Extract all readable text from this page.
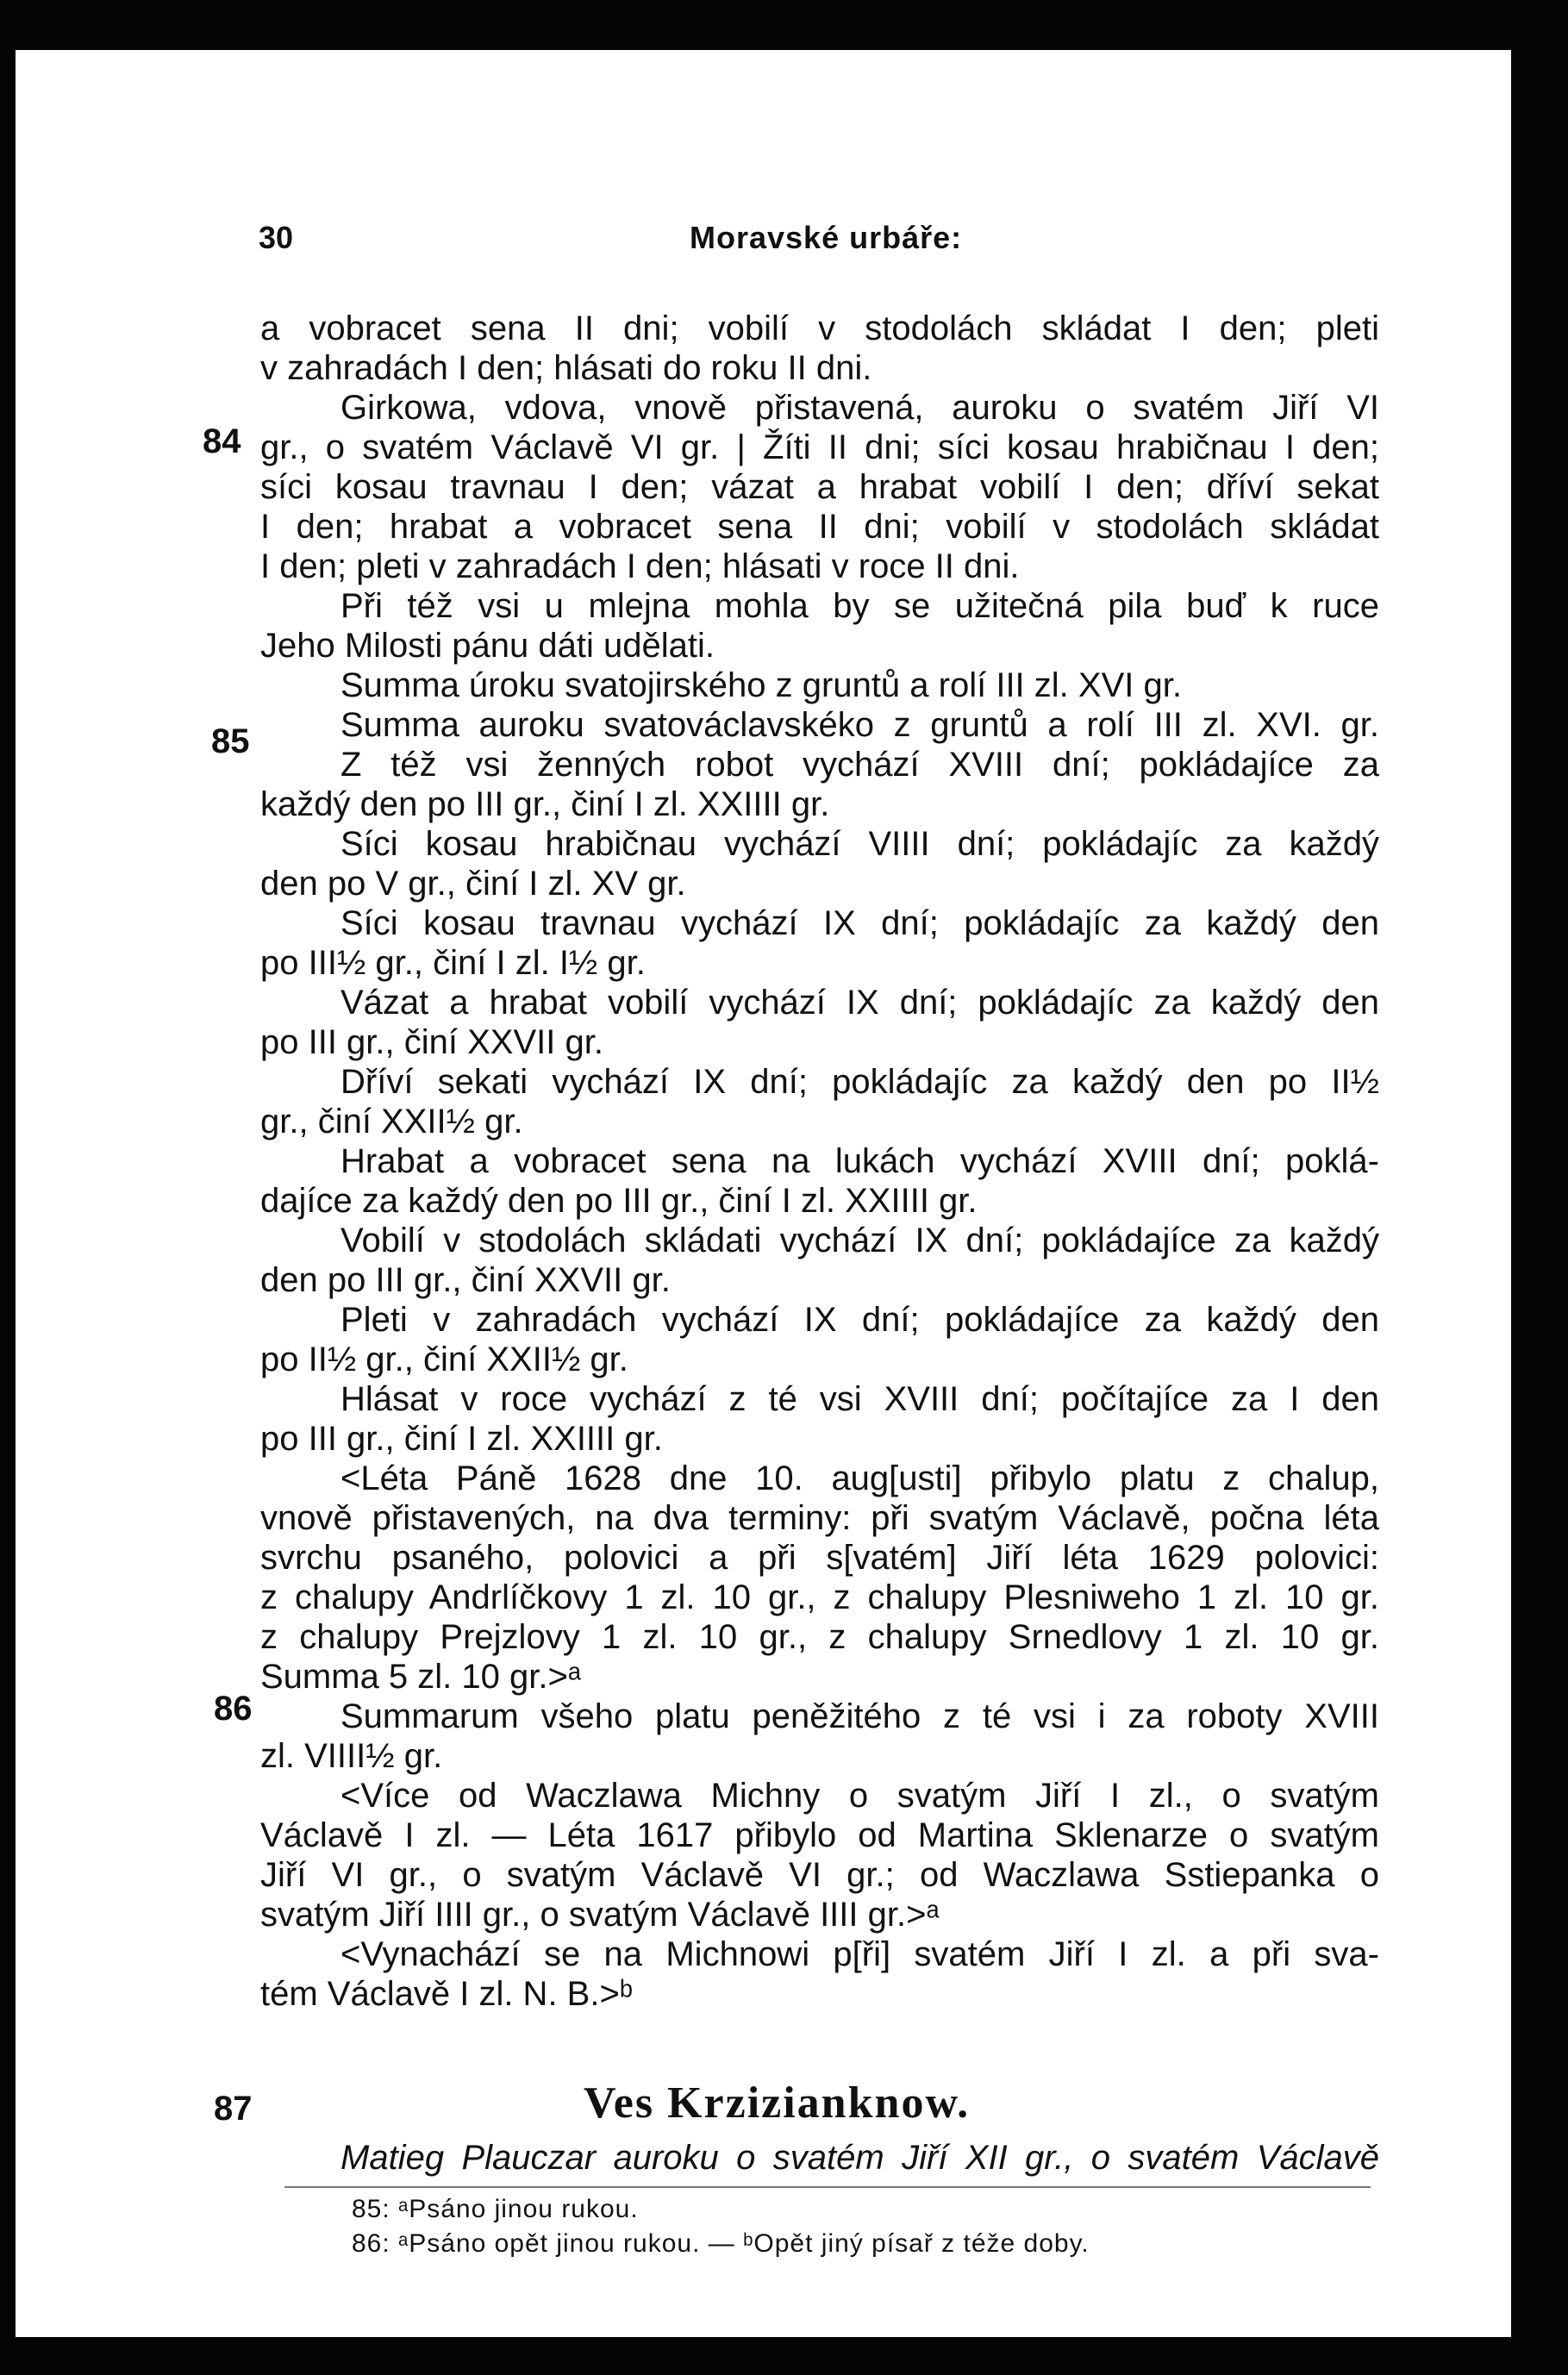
30	Moravské urbáře:
a vobracet sena II dni; vobilí v stodolách skládat I den; pleti
v zahradách I den; hlásati do roku II dni.
Girkowa, vdova, vnově přistavená, auroku o svatém Jiří VI
gr., o svatém Václavě VI gr. | Žíti II dni; síci kosau hrabičnau I den;
síci kosau travnau I den; vázat a hrabat vobilí I den; dříví sekat
I den; hrabat a vobracet sena II dni; vobilí v stodolách skládat
I den; pleti v zahradách I den; hlásati v roce II dni.
Při též vsi u mlejna mohla by se užitečná pila buď k ruce
Jeho Milosti pánu dáti udělati.
Summa úroku svatojirského z gruntů a rolí III zl. XVI gr.
Summa auroku svatováclavskéko z gruntů a rolí III zl. XVI. gr.
Z též vsi ženných robot vychází XVIII dní; pokládajíce za
každý den po III gr., činí I zl. XXIIII gr.
Síci kosau hrabičnau vychází VIIII dní; pokládajíc za každý
den po V gr., činí I zl. XV gr.
Síci kosau travnau vychází IX dní; pokládajíc za každý den
po III½ gr., činí I zl. I½ gr.
Vázat a hrabat vobilí vychází IX dní; pokládajíc za každý den
po III gr., činí XXVII gr.
Dříví sekati vychází IX dní; pokládajíc za každý den po II½
gr., činí XXII½ gr.
Hrabat a vobracet sena na lukách vychází XVIII dní; poklá-
dajíce za každý den po III gr., činí I zl. XXIIII gr.
Vobilí v stodolách skládati vychází IX dní; pokládajíce za každý
den po III gr., činí XXVII gr.
Pleti v zahradách vychází IX dní; pokládajíce za každý den
po II½ gr., činí XXII½ gr.
Hlásat v roce vychází z té vsi XVIII dní; počítajíce za I den
po III gr., činí I zl. XXIIII gr.
<Léta Páně 1628 dne 10. aug[usti] přibylo platu z chalup,
vnově přistavených, na dva terminy: při svatým Václavě, počna léta
svrchu psaného, polovici a při s[vatém] Jiří léta 1629 polovici:
z chalupy Andrlíčkovy 1 zl. 10 gr., z chalupy Plesniweho 1 zl. 10 gr.
z chalupy Prejzlovy 1 zl. 10 gr., z chalupy Srnedlovy 1 zl. 10 gr.
Summa 5 zl. 10 gr.>ᵃ
Summarum všeho platu peněžitého z té vsi i za roboty XVIII
zl. VIIII½ gr.
<Více od Waczlawa Michny o svatým Jiří I zl., o svatým
Václavě I zl. — Léta 1617 přibylo od Martina Sklenarze o svatým
Jiří VI gr., o svatým Václavě VI gr.; od Waczlawa Sstiepanka o
svatým Jiří IIII gr., o svatým Václavě IIII gr.>ᵃ
<Vynachází se na Michnowi p[ři] svatém Jiří I zl. a při sva-
tém Václavě I zl. N. B.>ᵇ
84
85
86
87	Ves Krzizianknow.
Matieg Plauczar auroku o svatém Jiří XII gr., o svatém Václavě
85: ᵃPsáno jinou rukou.
86: ᵃPsáno opět jinou rukou. — ᵇOpět jiný písař z téže doby.
